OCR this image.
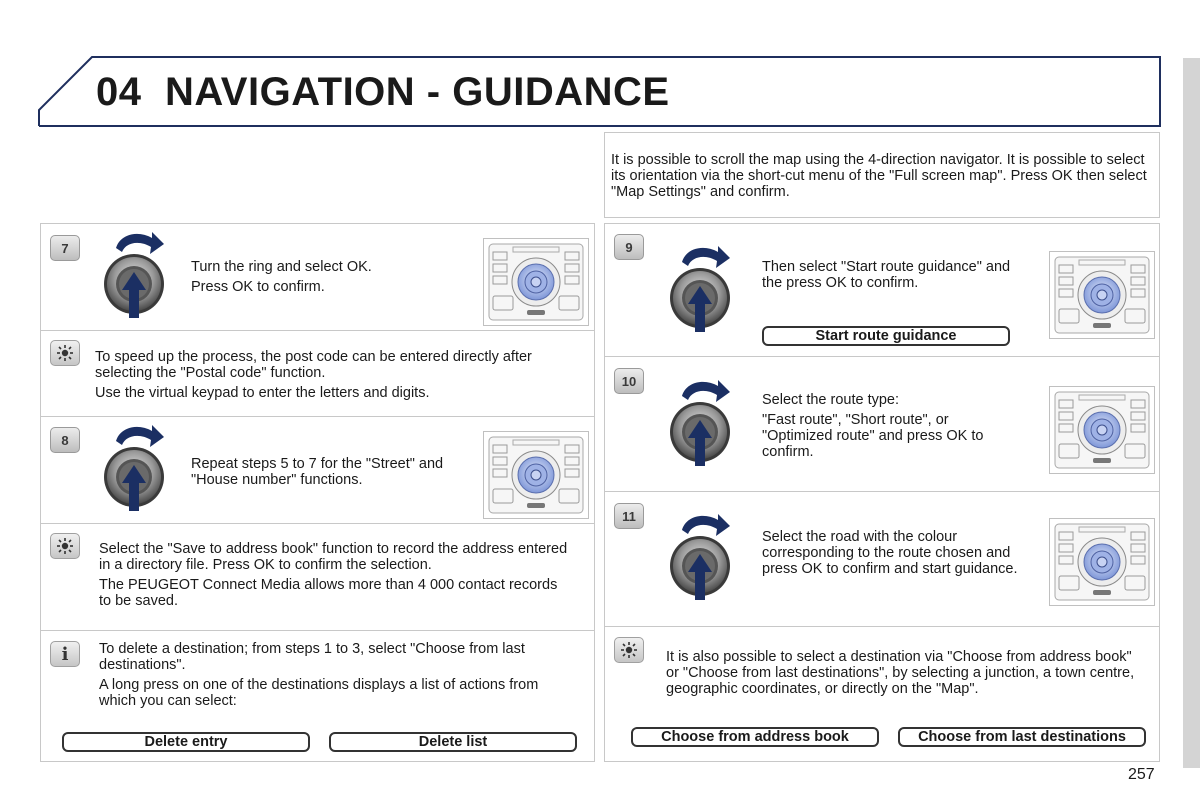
04 NAVIGATION - GUIDANCE
7

Turn the ring and select OK.

Press OK to confirm.

To speed up the process, the post code can be entered directly after selecting the "Postal code" function.

Use the virtual keypad to enter the letters and digits.

8
Repeat steps 5 to 7 for the "Street" and "House number" functions.

Select the "Save to address book" function to record the address entered in a directory file. Press OK to confirm the selection.

The PEUGEOT Connect Media allows more than 4 000 contact records to be saved.

i To delete a destination; from steps 1 to 3, select "Choose from last destinations".

A long press on one of the destinations displays a list of actions from which you can select:

Delete entry	Delete list
It is possible to scroll the map using the 4-direction navigator. It is possible to select its orientation via the short-cut menu of the "Full screen map". Press OK then select "Map Settings" and confirm.
9
Then select "Start route guidance" and the press OK to confirm.
Start route guidance
10

Select the route type:

"Fast route", "Short route", or "Optimized route" and press OK to confirm.

11
Select the road with the colour corresponding to the route chosen and press OK to confirm and start guidance.
It is also possible to select a destination via "Choose from address book" or "Choose from last destinations", by selecting a junction, a town centre, geographic coordinates, or directly on the "Map".
Choose from address book	Choose from last destinations
257
